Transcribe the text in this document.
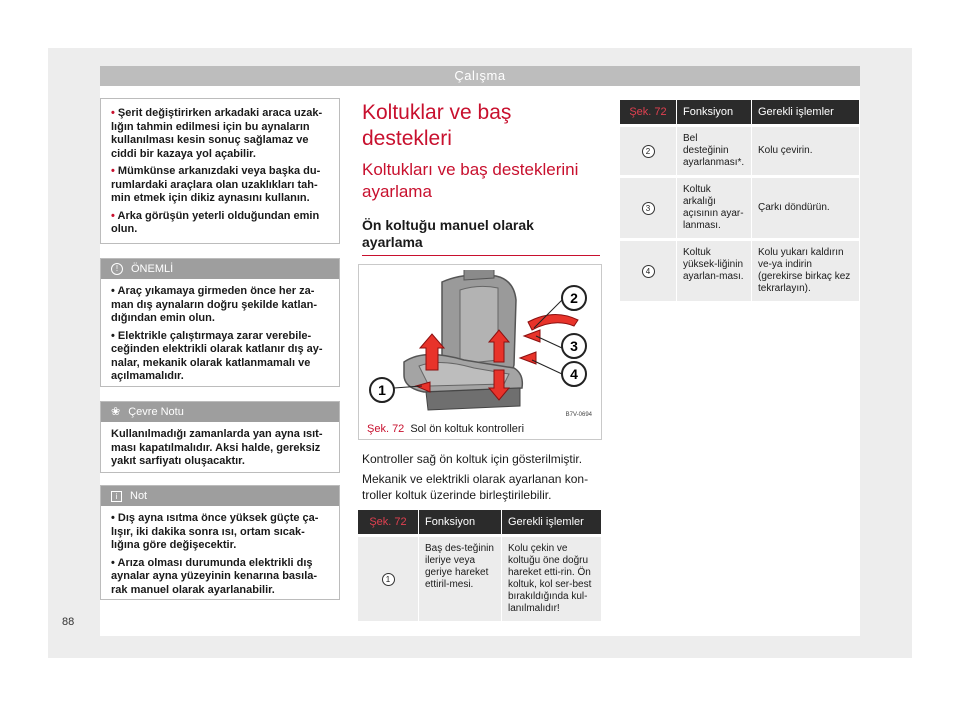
Çalışma

• Şerit değiştirirken arkadaki araca uzak-lığın tahmin edilmesi için bu aynaların kullanılması kesin sonuç sağlamaz ve ciddi bir kazaya yol açabilir.

• Mümkünse arkanızdaki veya başka du-rumlardaki araçlara olan uzaklıkları tah-min etmek için dikiz aynasını kullanın.

• Arka görüşün yeterli olduğundan emin olun.

!	ÖNEMLİ

• Araç yıkamaya girmeden önce her za-man dış aynaların doğru şekilde katlan-dığından emin olun.

• Elektrikle çalıştırmaya zarar verebile-ceğinden elektrikli olarak katlanır dış ay-nalar, mekanik olarak katlanmamalı ve açılmamalıdır.

❀ Çevre Notu

Kullanılmadığı zamanlarda yan ayna ısıt-ması kapatılmalıdır. Aksi halde, gereksiz yakıt sarfiyatı oluşacaktır.

i	Not

• Dış ayna ısıtma önce yüksek güçte ça-lışır, iki dakika sonra ısı, ortam sıcak-lığına göre değişecektir.

• Arıza olması durumunda elektrikli dış aynalar ayna yüzeyinin kenarına basıla-rak manuel olarak ayarlanabilir.

Koltuklar ve baş destekleri
Koltukları ve baş desteklerini ayarlama
Ön koltuğu manuel olarak ayarlama
1
2
3
4
B7V-0694
Şek. 72 Sol ön koltuk kontrolleri
Kontroller sağ ön koltuk için gösterilmiştir.
Mekanik ve elektrikli olarak ayarlanan kon-troller koltuk üzerinde birleştirilebilir.
Şek. 72	Fonksiyon	Gerekli işlemler
1	Baş des-teğinin ileriye veya geriye hareket ettiril-mesi.	Kolu çekin ve koltuğu öne doğru hareket etti-rin. Ön koltuk, kol ser-best bırakıldığında kul-lanılmalıdır!
Şek. 72	Fonksiyon	Gerekli işlemler
2	Bel desteğinin ayarlanması*.	Kolu çevirin.
3	Koltuk arkalığı açısının ayar-lanması.	Çarkı döndürün.
4	Koltuk yüksek-liğinin ayarlan-ması.	Kolu yukarı kaldırın ve-ya indirin (gerekirse birkaç kez tekrarlayın).
88
